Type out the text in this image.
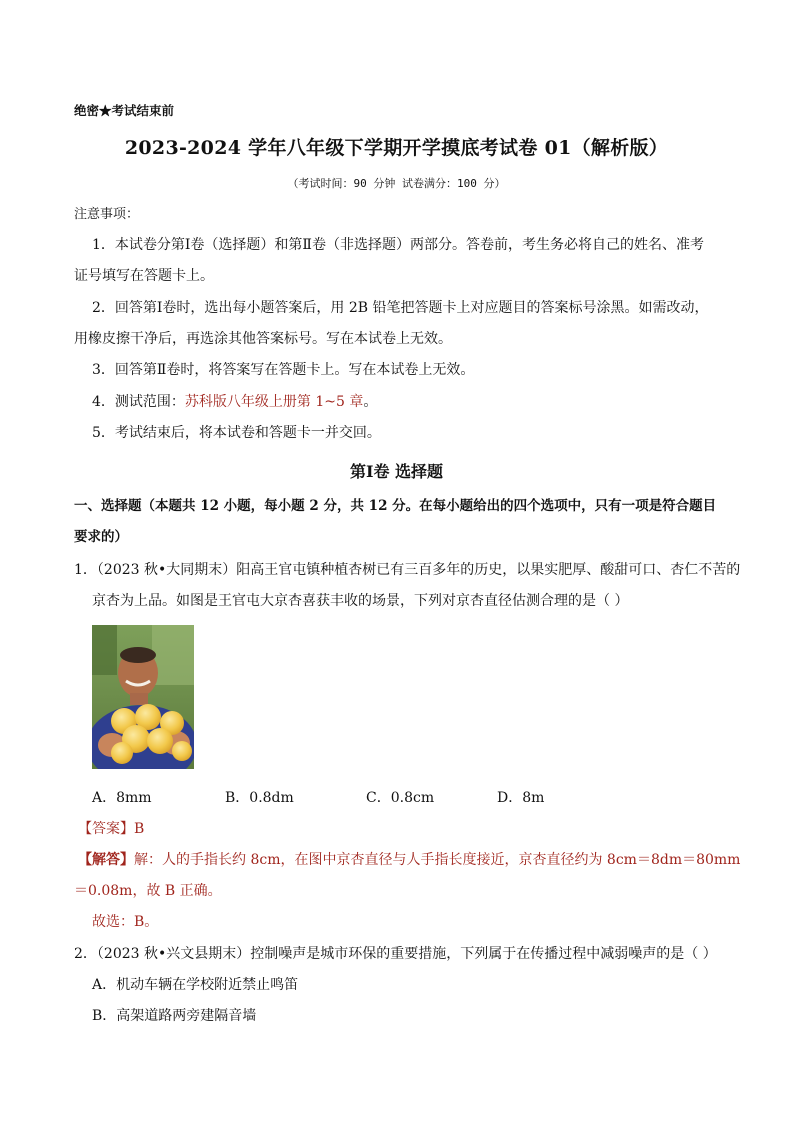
绝密★考试结束前
2023-2024 学年八年级下学期开学摸底考试卷 01（解析版）
（考试时间：90 分钟 试卷满分：100 分）
注意事项：
1．本试卷分第Ⅰ卷（选择题）和第Ⅱ卷（非选择题）两部分。答卷前，考生务必将自己的姓名、准考
证号填写在答题卡上。
2．回答第Ⅰ卷时，选出每小题答案后，用 2B 铅笔把答题卡上对应题目的答案标号涂黑。如需改动，
用橡皮擦干净后，再选涂其他答案标号。写在本试卷上无效。
3．回答第Ⅱ卷时，将答案写在答题卡上。写在本试卷上无效。
4．测试范围：苏科版八年级上册第 1~5 章。
5．考试结束后，将本试卷和答题卡一并交回。
第Ⅰ卷 选择题
一、选择题（本题共 12 小题，每小题 2 分，共 12 分。在每小题给出的四个选项中，只有一项是符合题目
要求的）
1．（2023 秋•大同期末）阳高王官屯镇种植杏树已有三百多年的历史，以果实肥厚、酸甜可口、杏仁不苦的
京杏为上品。如图是王官屯大京杏喜获丰收的场景，下列对京杏直径估测合理的是（ ）
A．8mm	B．0.8dm	C．0.8cm	D．8m
【答案】B
【解答】解：人的手指长约 8cm，在图中京杏直径与人手指长度接近，京杏直径约为 8cm＝8dm＝80mm
＝0.08m，故 B 正确。
故选：B。
2．（2023 秋•兴文县期末）控制噪声是城市环保的重要措施，下列属于在传播过程中减弱噪声的是（ ）
A．机动车辆在学校附近禁止鸣笛
B．高架道路两旁建隔音墙
